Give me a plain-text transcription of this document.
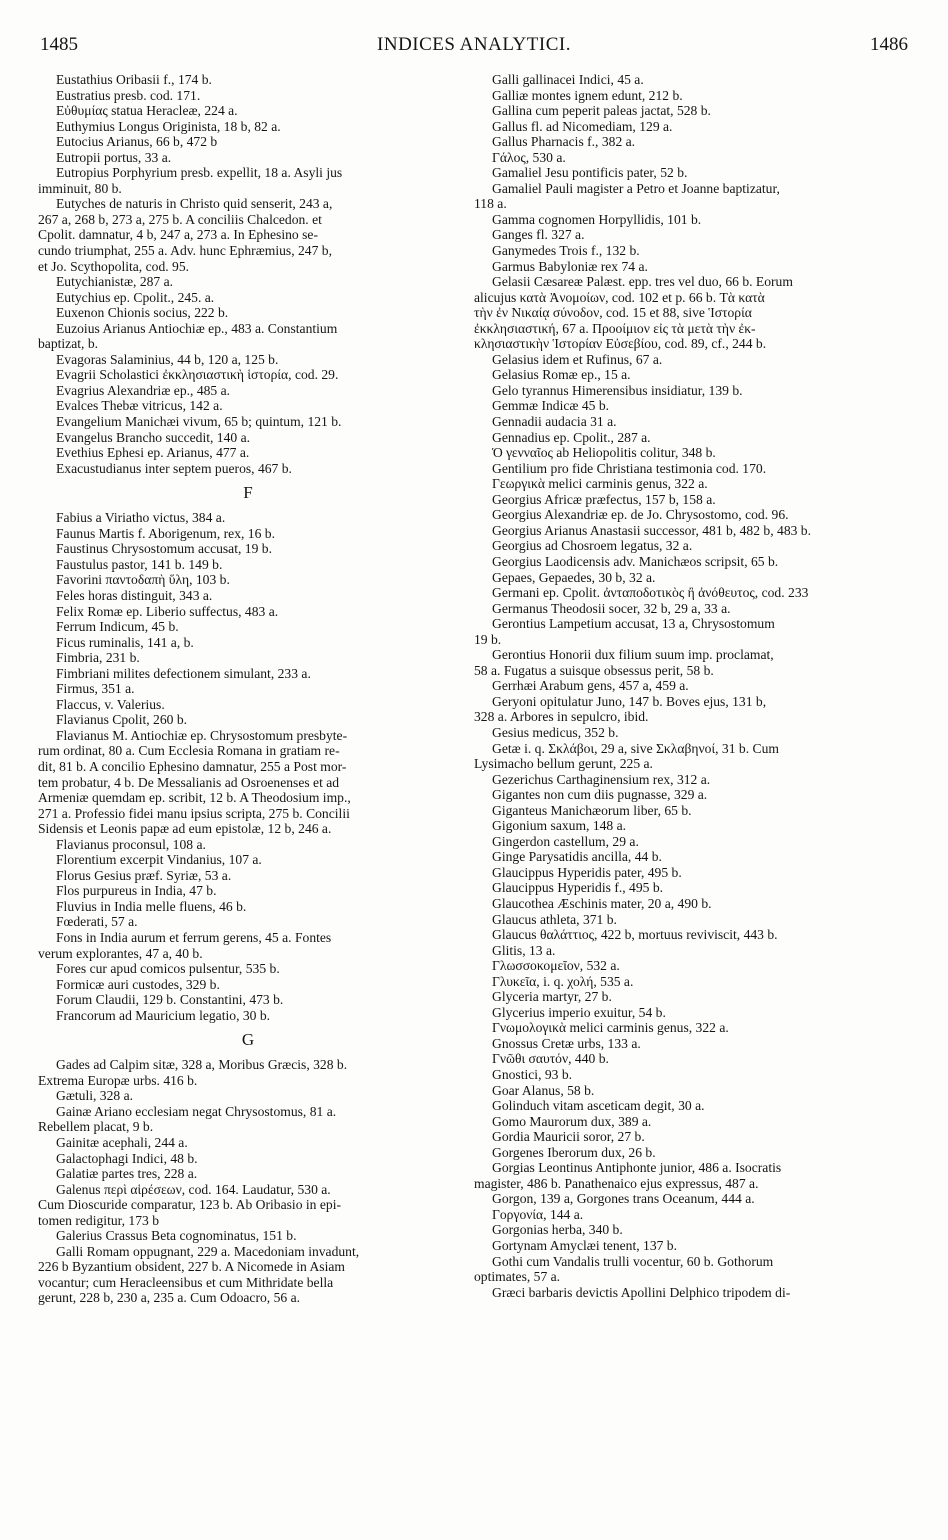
1485	INDICES ANALYTICI.	1486

Eustathius Oribasii f., 174 b.

Eustratius presb. cod. 171.

Εὐθυμίας statua Heracleæ, 224 a.

Euthymius Longus Originista, 18 b, 82 a.

Eutocius Arianus, 66 b, 472 b

Eutropii portus, 33 a.

Eutropius Porphyrium presb. expellit, 18 a. Asyli jus

imminuit, 80 b.

Eutyches de naturis in Christo quid senserit, 243 a,

267 a, 268 b, 273 a, 275 b. A conciliis Chalcedon. et

Cpolit. damnatur, 4 b, 247 a, 273 a. In Ephesino se-

cundo triumphat, 255 a. Adv. hunc Ephræmius, 247 b,

et Jo. Scythopolita, cod. 95.

Eutychianistæ, 287 a.

Eutychius ep. Cpolit., 245. a.

Euxenon Chionis socius, 222 b.

Euzoius Arianus Antiochiæ ep., 483 a. Constantium

baptizat, b.

Evagoras Salaminius, 44 b, 120 a, 125 b.

Evagrii Scholastici ἐκκλησιαστικὴ ἱστορία, cod. 29.

Evagrius Alexandriæ ep., 485 a.

Evalces Thebæ vitricus, 142 a.

Evangelium Manichæi vivum, 65 b; quintum, 121 b.

Evangelus Brancho succedit, 140 a.

Evethius Ephesi ep. Arianus, 477 a.

Exacustudianus inter septem pueros, 467 b.

F

Fabius a Viriatho victus, 384 a.

Faunus Martis f. Aborigenum, rex, 16 b.

Faustinus Chrysostomum accusat, 19 b.

Faustulus pastor, 141 b. 149 b.

Favorini παντοδαπὴ ὕλη, 103 b.

Feles horas distinguit, 343 a.

Felix Romæ ep. Liberio suffectus, 483 a.

Ferrum Indicum, 45 b.

Ficus ruminalis, 141 a, b.

Fimbria, 231 b.

Fimbriani milites defectionem simulant, 233 a.

Firmus, 351 a.

Flaccus, v. Valerius.

Flavianus Cpolit, 260 b.

Flavianus M. Antiochiæ ep. Chrysostomum presbyte-

rum ordinat, 80 a. Cum Ecclesia Romana in gratiam re-

dit, 81 b. A concilio Ephesino damnatur, 255 a Post mor-

tem probatur, 4 b. De Messalianis ad Osroenenses et ad

Armeniæ quemdam ep. scribit, 12 b. A Theodosium imp.,

271 a. Professio fidei manu ipsius scripta, 275 b. Concilii

Sidensis et Leonis papæ ad eum epistolæ, 12 b, 246 a.

Flavianus proconsul, 108 a.

Florentium excerpit Vindanius, 107 a.

Florus Gesius præf. Syriæ, 53 a.

Flos purpureus in India, 47 b.

Fluvius in India melle fluens, 46 b.

Fœderati, 57 a.

Fons in India aurum et ferrum gerens, 45 a. Fontes

verum explorantes, 47 a, 40 b.

Fores cur apud comicos pulsentur, 535 b.

Formicæ auri custodes, 329 b.

Forum Claudii, 129 b. Constantini, 473 b.

Francorum ad Mauricium legatio, 30 b.

G

Gades ad Calpim sitæ, 328 a, Moribus Græcis, 328 b.

Extrema Europæ urbs. 416 b.

Gætuli, 328 a.

Gainæ Ariano ecclesiam negat Chrysostomus, 81 a.

Rebellem placat, 9 b.

Gainitæ acephali, 244 a.

Galactophagi Indici, 48 b.

Galatiæ partes tres, 228 a.

Galenus περὶ αἱρέσεων, cod. 164. Laudatur, 530 a.

Cum Dioscuride comparatur, 123 b. Ab Oribasio in epi-

tomen redigitur, 173 b

Galerius Crassus Beta cognominatus, 151 b.

Galli Romam oppugnant, 229 a. Macedoniam invadunt,

226 b Byzantium obsident, 227 b. A Nicomede in Asiam

vocantur; cum Heracleensibus et cum Mithridate bella

gerunt, 228 b, 230 a, 235 a. Cum Odoacro, 56 a.

Galli gallinacei Indici, 45 a.

Galliæ montes ignem edunt, 212 b.

Gallina cum peperit paleas jactat, 528 b.

Gallus fl. ad Nicomediam, 129 a.

Gallus Pharnacis f., 382 a.

Γάλος, 530 a.

Gamaliel Jesu pontificis pater, 52 b.

Gamaliel Pauli magister a Petro et Joanne baptizatur,

118 a.

Gamma cognomen Horpyllidis, 101 b.

Ganges fl. 327 a.

Ganymedes Trois f., 132 b.

Garmus Babyloniæ rex 74 a.

Gelasii Cæsareæ Palæst. epp. tres vel duo, 66 b. Eorum

alicujus κατὰ Ἀνομοίων, cod. 102 et p. 66 b. Τὰ κατὰ

τὴν ἐν Νικαίᾳ σύνοδον, cod. 15 et 88, sive Ἱστορία

ἐκκλησιαστική, 67 a. Προοίμιον εἰς τὰ μετὰ τὴν ἐκ-

κλησιαστικὴν Ἱστορίαν Εὐσεβίου, cod. 89, cf., 244 b.

Gelasius idem et Rufinus, 67 a.

Gelasius Romæ ep., 15 a.

Gelo tyrannus Himerensibus insidiatur, 139 b.

Gemmæ Indicæ 45 b.

Gennadii audacia 31 a.

Gennadius ep. Cpolit., 287 a.

Ὁ γενναῖος ab Heliopolitis colitur, 348 b.

Gentilium pro fide Christiana testimonia cod. 170.

Γεωργικὰ melici carminis genus, 322 a.

Georgius Africæ præfectus, 157 b, 158 a.

Georgius Alexandriæ ep. de Jo. Chrysostomo, cod. 96.

Georgius Arianus Anastasii successor, 481 b, 482 b, 483 b.

Georgius ad Chosroem legatus, 32 a.

Georgius Laodicensis adv. Manichæos scripsit, 65 b.

Gepaes, Gepaedes, 30 b, 32 a.

Germani ep. Cpolit. ἀνταποδοτικὸς ἢ ἀνόθευτος, cod. 233

Germanus Theodosii socer, 32 b, 29 a, 33 a.

Gerontius Lampetium accusat, 13 a, Chrysostomum

19 b.

Gerontius Honorii dux filium suum imp. proclamat,

58 a. Fugatus a suisque obsessus perit, 58 b.

Gerrhæi Arabum gens, 457 a, 459 a.

Geryoni opitulatur Juno, 147 b. Boves ejus, 131 b,

328 a. Arbores in sepulcro, ibid.

Gesius medicus, 352 b.

Getæ i. q. Σκλάβοι, 29 a, sive Σκλαβηνοί, 31 b. Cum

Lysimacho bellum gerunt, 225 a.

Gezerichus Carthaginensium rex, 312 a.

Gigantes non cum diis pugnasse, 329 a.

Giganteus Manichæorum liber, 65 b.

Gigonium saxum, 148 a.

Gingerdon castellum, 29 a.

Ginge Parysatidis ancilla, 44 b.

Glaucippus Hyperidis pater, 495 b.

Glaucippus Hyperidis f., 495 b.

Glaucothea Æschinis mater, 20 a, 490 b.

Glaucus athleta, 371 b.

Glaucus θαλάττιος, 422 b, mortuus reviviscit, 443 b.

Glitis, 13 a.

Γλωσσοκομεῖον, 532 a.

Γλυκεῖα, i. q. χολή, 535 a.

Glyceria martyr, 27 b.

Glycerius imperio exuitur, 54 b.

Γνωμολογικὰ melici carminis genus, 322 a.

Gnossus Cretæ urbs, 133 a.

Γνῶθι σαυτόν, 440 b.

Gnostici, 93 b.

Goar Alanus, 58 b.

Golinduch vitam asceticam degit, 30 a.

Gomo Maurorum dux, 389 a.

Gordia Mauricii soror, 27 b.

Gorgenes Iberorum dux, 26 b.

Gorgias Leontinus Antiphonte junior, 486 a. Isocratis

magister, 486 b. Panathenaico ejus expressus, 487 a.

Gorgon, 139 a, Gorgones trans Oceanum, 444 a.

Γοργονία, 144 a.

Gorgonias herba, 340 b.

Gortynam Amyclæi tenent, 137 b.

Gothi cum Vandalis trulli vocentur, 60 b. Gothorum

optimates, 57 a.

Græci barbaris devictis Apollini Delphico tripodem di-
